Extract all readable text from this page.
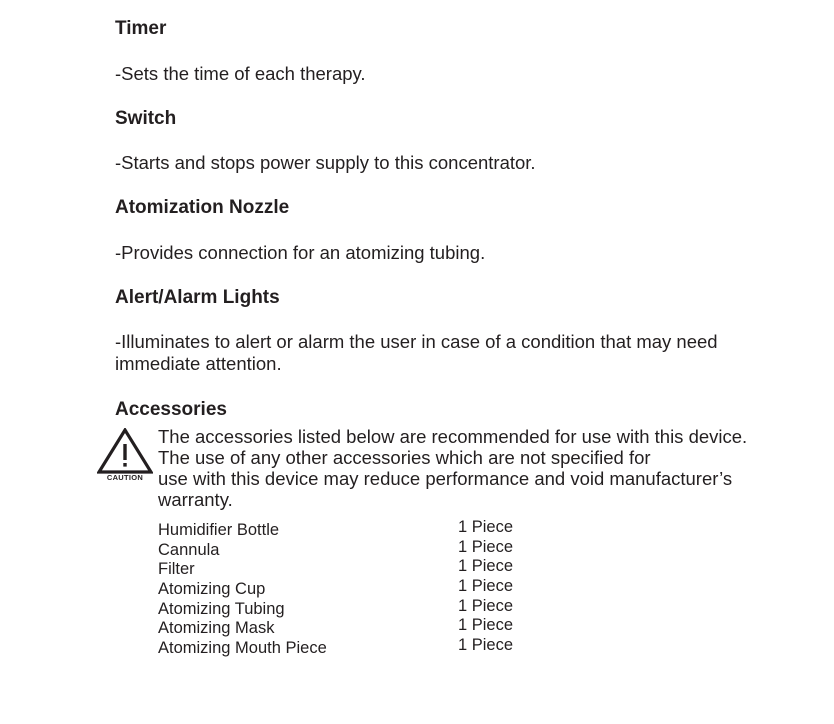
Timer

-Sets the time of each therapy.

Switch

-Starts and stops power supply to this concentrator.

Atomization Nozzle

-Provides connection for an atomizing tubing.

Alert/Alarm Lights

-Illuminates to alert or alarm the user in case of a condition that may need immediate attention.

Accessories
CAUTION

The accessories listed below are recommended for use with this device.

The use of any other accessories which are not specified for

use with this device may reduce performance and void manufacturer’s

warranty.

Humidifier Bottle	1 Piece
Cannula	1 Piece
Filter	1 Piece
Atomizing Cup	1 Piece
Atomizing Tubing	1 Piece
Atomizing Mask	1 Piece
Atomizing Mouth Piece	1 Piece
